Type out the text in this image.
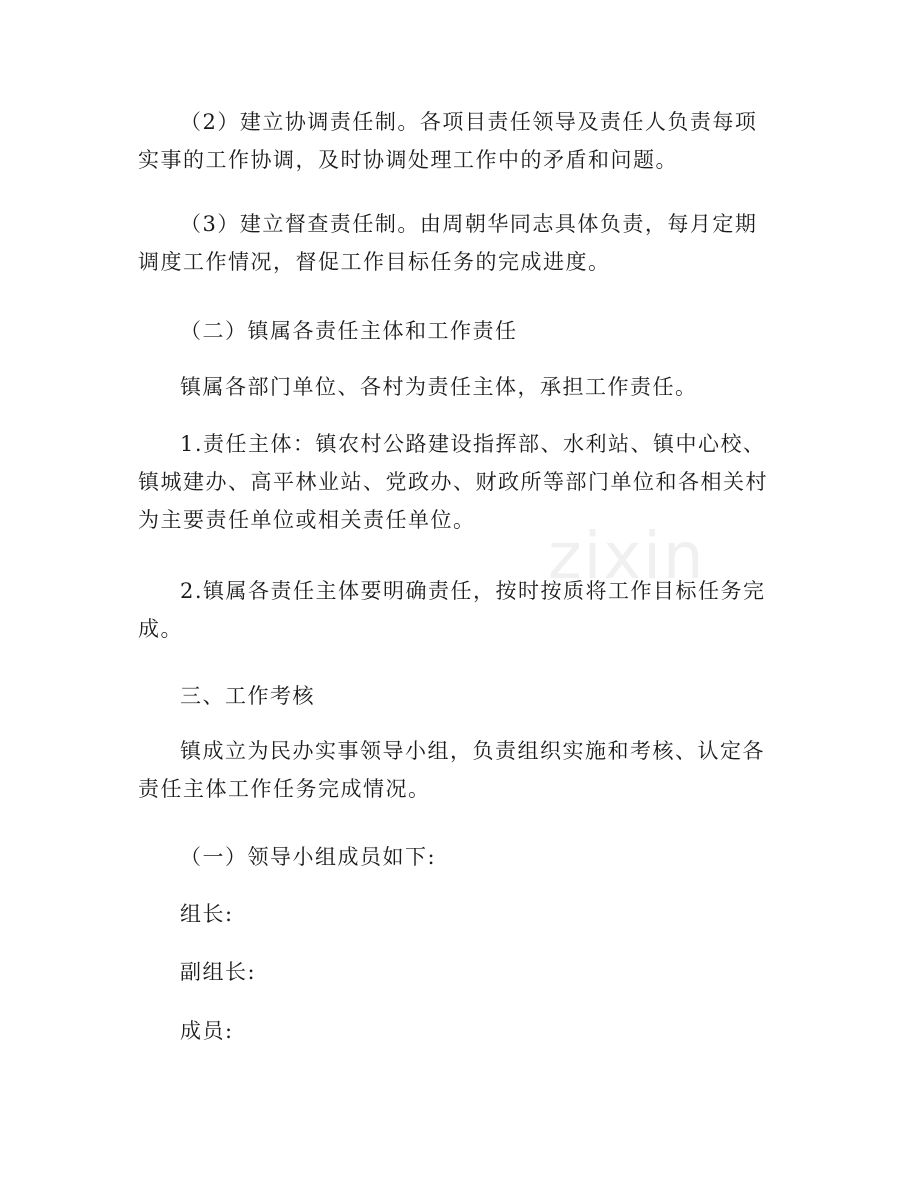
（2）建立协调责任制。各项目责任领导及责任人负责每项实事的工作协调，及时协调处理工作中的矛盾和问题。

（3）建立督查责任制。由周朝华同志具体负责，每月定期调度工作情况，督促工作目标任务的完成进度。

（二）镇属各责任主体和工作责任

镇属各部门单位、各村为责任主体，承担工作责任。

1.责任主体：镇农村公路建设指挥部、水利站、镇中心校、镇城建办、高平林业站、党政办、财政所等部门单位和各相关村为主要责任单位或相关责任单位。

2.镇属各责任主体要明确责任，按时按质将工作目标任务完成。

三、工作考核

镇成立为民办实事领导小组，负责组织实施和考核、认定各责任主体工作任务完成情况。

（一）领导小组成员如下:

组长:

副组长:

成员:

zixin
